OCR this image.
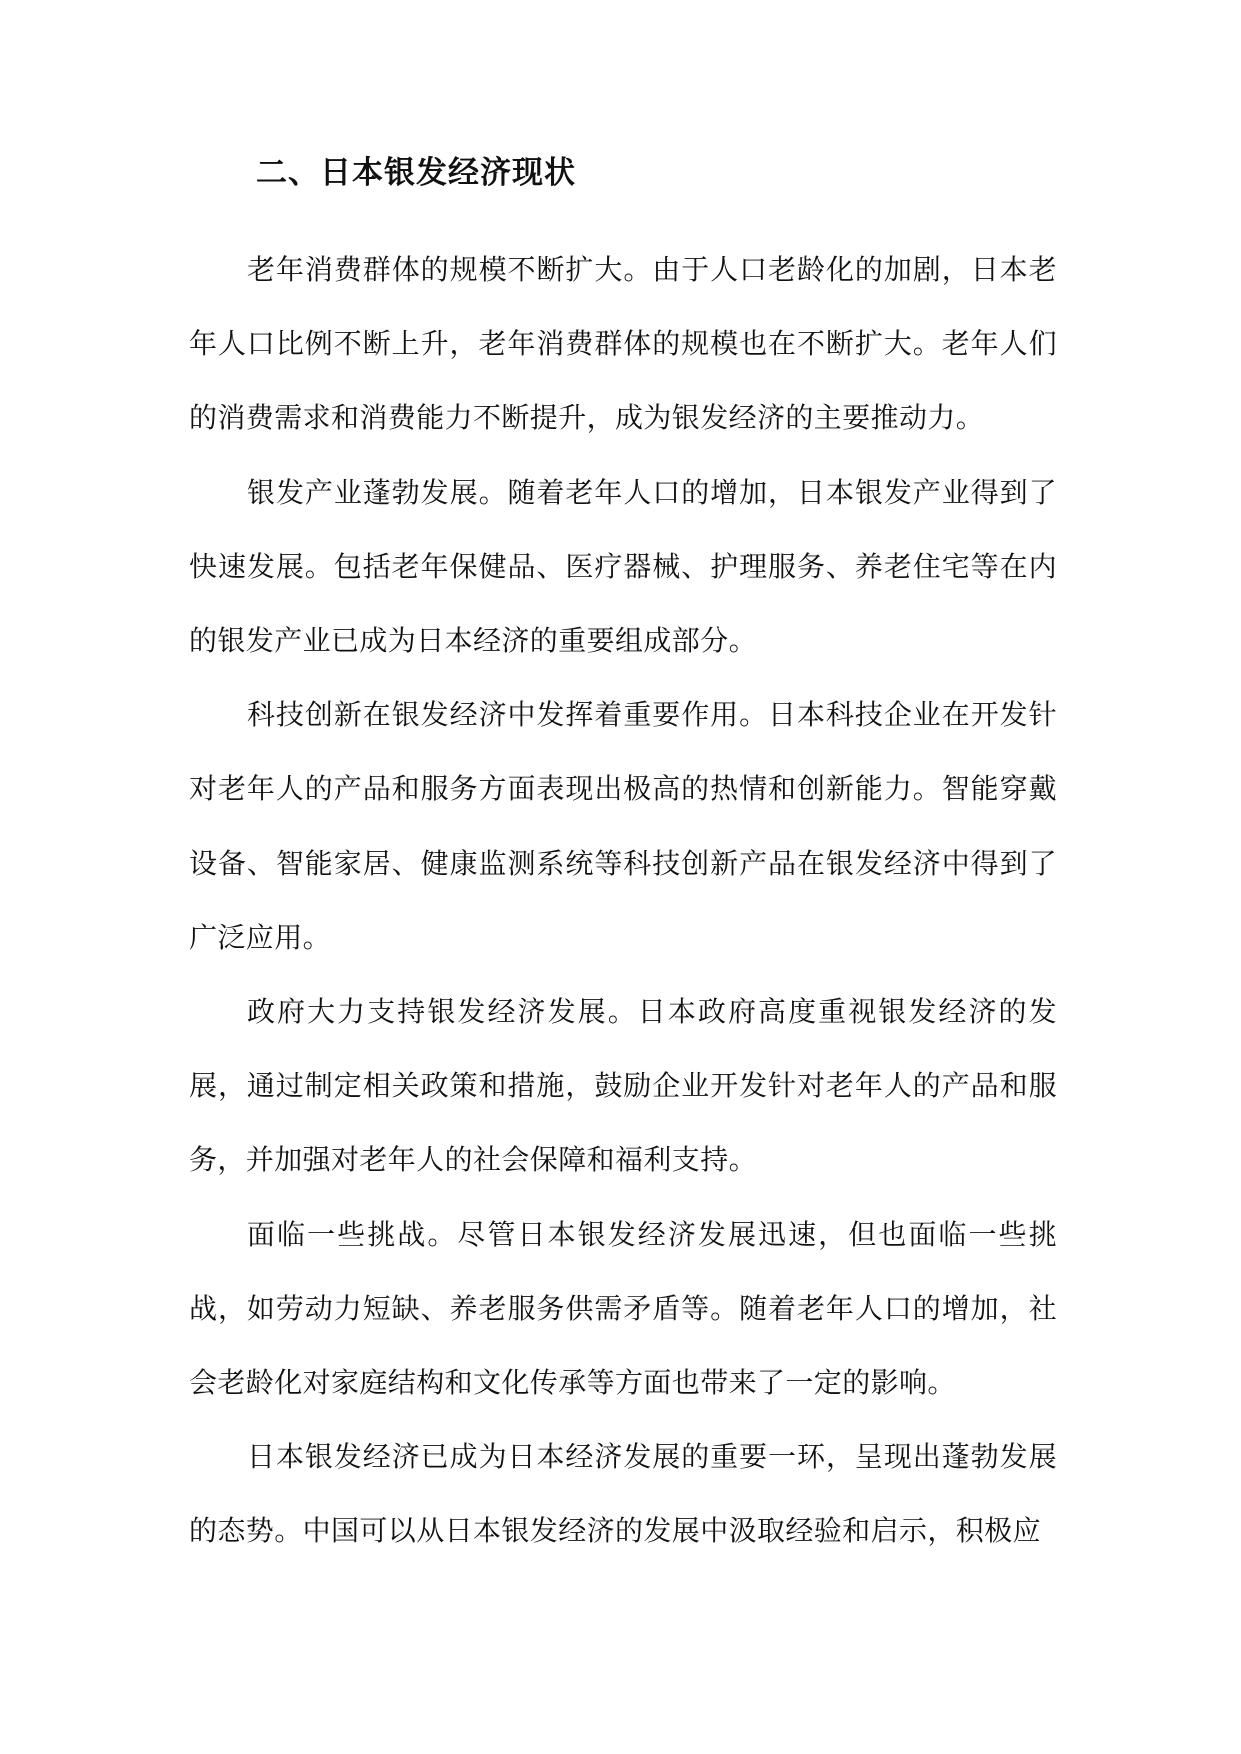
二、日本银发经济现状

老年消费群体的规模不断扩大。由于人口老龄化的加剧，日本老年人口比例不断上升，老年消费群体的规模也在不断扩大。老年人们的消费需求和消费能力不断提升，成为银发经济的主要推动力。

银发产业蓬勃发展。随着老年人口的增加，日本银发产业得到了快速发展。包括老年保健品、医疗器械、护理服务、养老住宅等在内的银发产业已成为日本经济的重要组成部分。

科技创新在银发经济中发挥着重要作用。日本科技企业在开发针对老年人的产品和服务方面表现出极高的热情和创新能力。智能穿戴设备、智能家居、健康监测系统等科技创新产品在银发经济中得到了广泛应用。

政府大力支持银发经济发展。日本政府高度重视银发经济的发展，通过制定相关政策和措施，鼓励企业开发针对老年人的产品和服务，并加强对老年人的社会保障和福利支持。

面临一些挑战。尽管日本银发经济发展迅速，但也面临一些挑战，如劳动力短缺、养老服务供需矛盾等。随着老年人口的增加，社会老龄化对家庭结构和文化传承等方面也带来了一定的影响。

日本银发经济已成为日本经济发展的重要一环，呈现出蓬勃发展的态势。中国可以从日本银发经济的发展中汲取经验和启示，积极应
